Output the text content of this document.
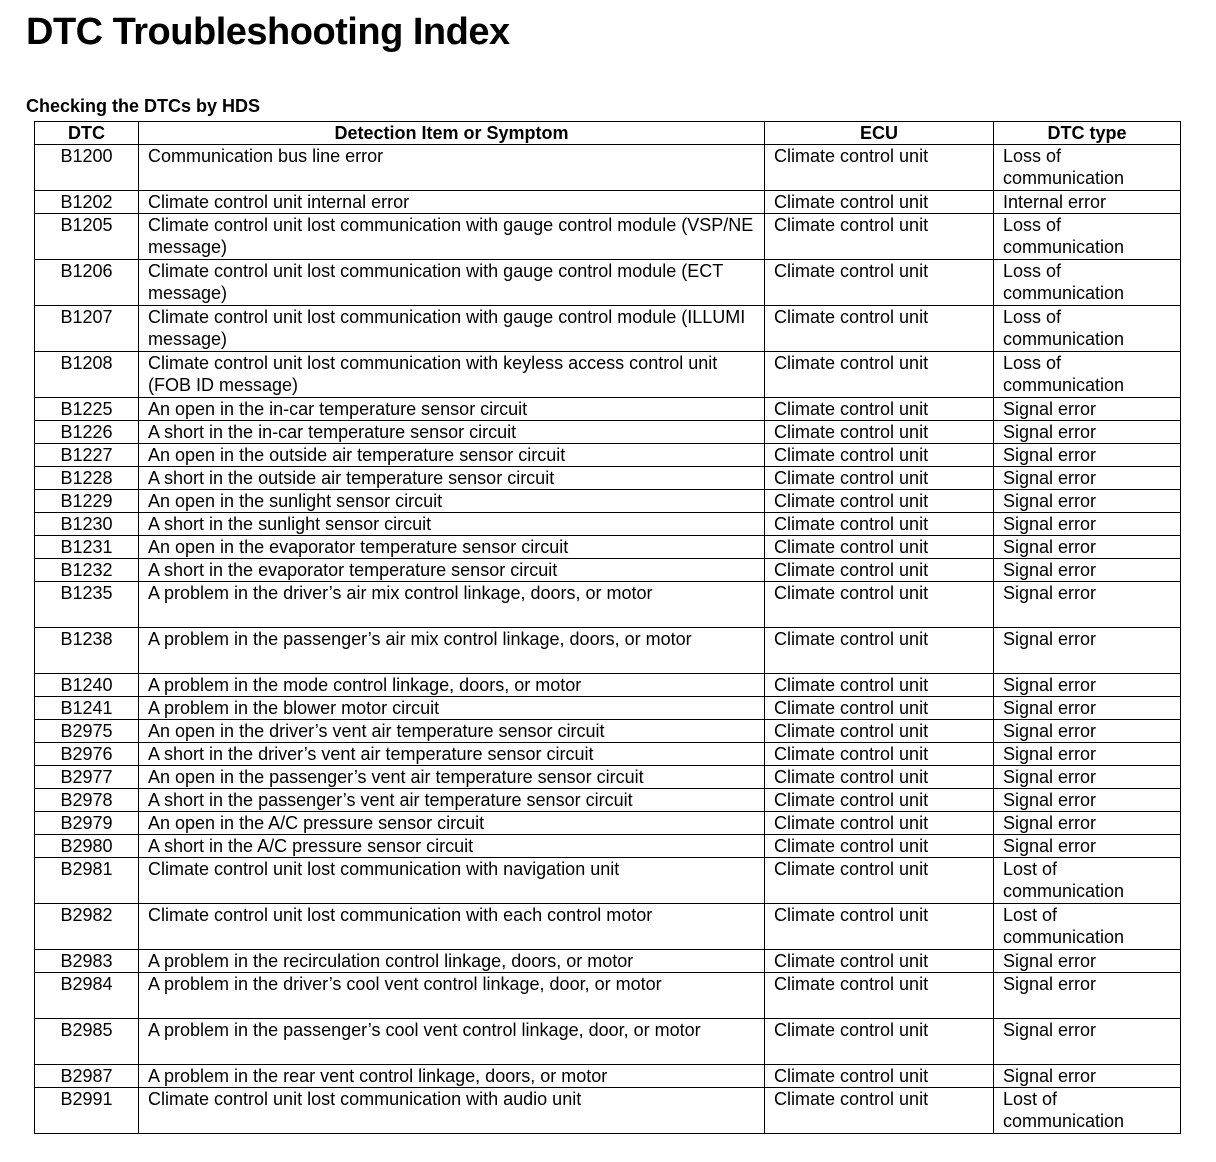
DTC Troubleshooting Index
Checking the DTCs by HDS
DTC	Detection Item or Symptom	ECU	DTC type
B1200	Communication bus line error	Climate control unit	Loss of communication
B1202	Climate control unit internal error	Climate control unit	Internal error
B1205	Climate control unit lost communication with gauge control module (VSP/NE message)	Climate control unit	Loss of communication
B1206	Climate control unit lost communication with gauge control module (ECT message)	Climate control unit	Loss of communication
B1207	Climate control unit lost communication with gauge control module (ILLUMI message)	Climate control unit	Loss of communication
B1208	Climate control unit lost communication with keyless access control unit (FOB ID message)	Climate control unit	Loss of communication
B1225	An open in the in-car temperature sensor circuit	Climate control unit	Signal error
B1226	A short in the in-car temperature sensor circuit	Climate control unit	Signal error
B1227	An open in the outside air temperature sensor circuit	Climate control unit	Signal error
B1228	A short in the outside air temperature sensor circuit	Climate control unit	Signal error
B1229	An open in the sunlight sensor circuit	Climate control unit	Signal error
B1230	A short in the sunlight sensor circuit	Climate control unit	Signal error
B1231	An open in the evaporator temperature sensor circuit	Climate control unit	Signal error
B1232	A short in the evaporator temperature sensor circuit	Climate control unit	Signal error
B1235	A problem in the driver’s air mix control linkage, doors, or motor	Climate control unit	Signal error
B1238	A problem in the passenger’s air mix control linkage, doors, or motor	Climate control unit	Signal error
B1240	A problem in the mode control linkage, doors, or motor	Climate control unit	Signal error
B1241	A problem in the blower motor circuit	Climate control unit	Signal error
B2975	An open in the driver’s vent air temperature sensor circuit	Climate control unit	Signal error
B2976	A short in the driver’s vent air temperature sensor circuit	Climate control unit	Signal error
B2977	An open in the passenger’s vent air temperature sensor circuit	Climate control unit	Signal error
B2978	A short in the passenger’s vent air temperature sensor circuit	Climate control unit	Signal error
B2979	An open in the A/C pressure sensor circuit	Climate control unit	Signal error
B2980	A short in the A/C pressure sensor circuit	Climate control unit	Signal error
B2981	Climate control unit lost communication with navigation unit	Climate control unit	Lost of communication
B2982	Climate control unit lost communication with each control motor	Climate control unit	Lost of communication
B2983	A problem in the recirculation control linkage, doors, or motor	Climate control unit	Signal error
B2984	A problem in the driver’s cool vent control linkage, door, or motor	Climate control unit	Signal error
B2985	A problem in the passenger’s cool vent control linkage, door, or motor	Climate control unit	Signal error
B2987	A problem in the rear vent control linkage, doors, or motor	Climate control unit	Signal error
B2991	Climate control unit lost communication with audio unit	Climate control unit	Lost of communication
